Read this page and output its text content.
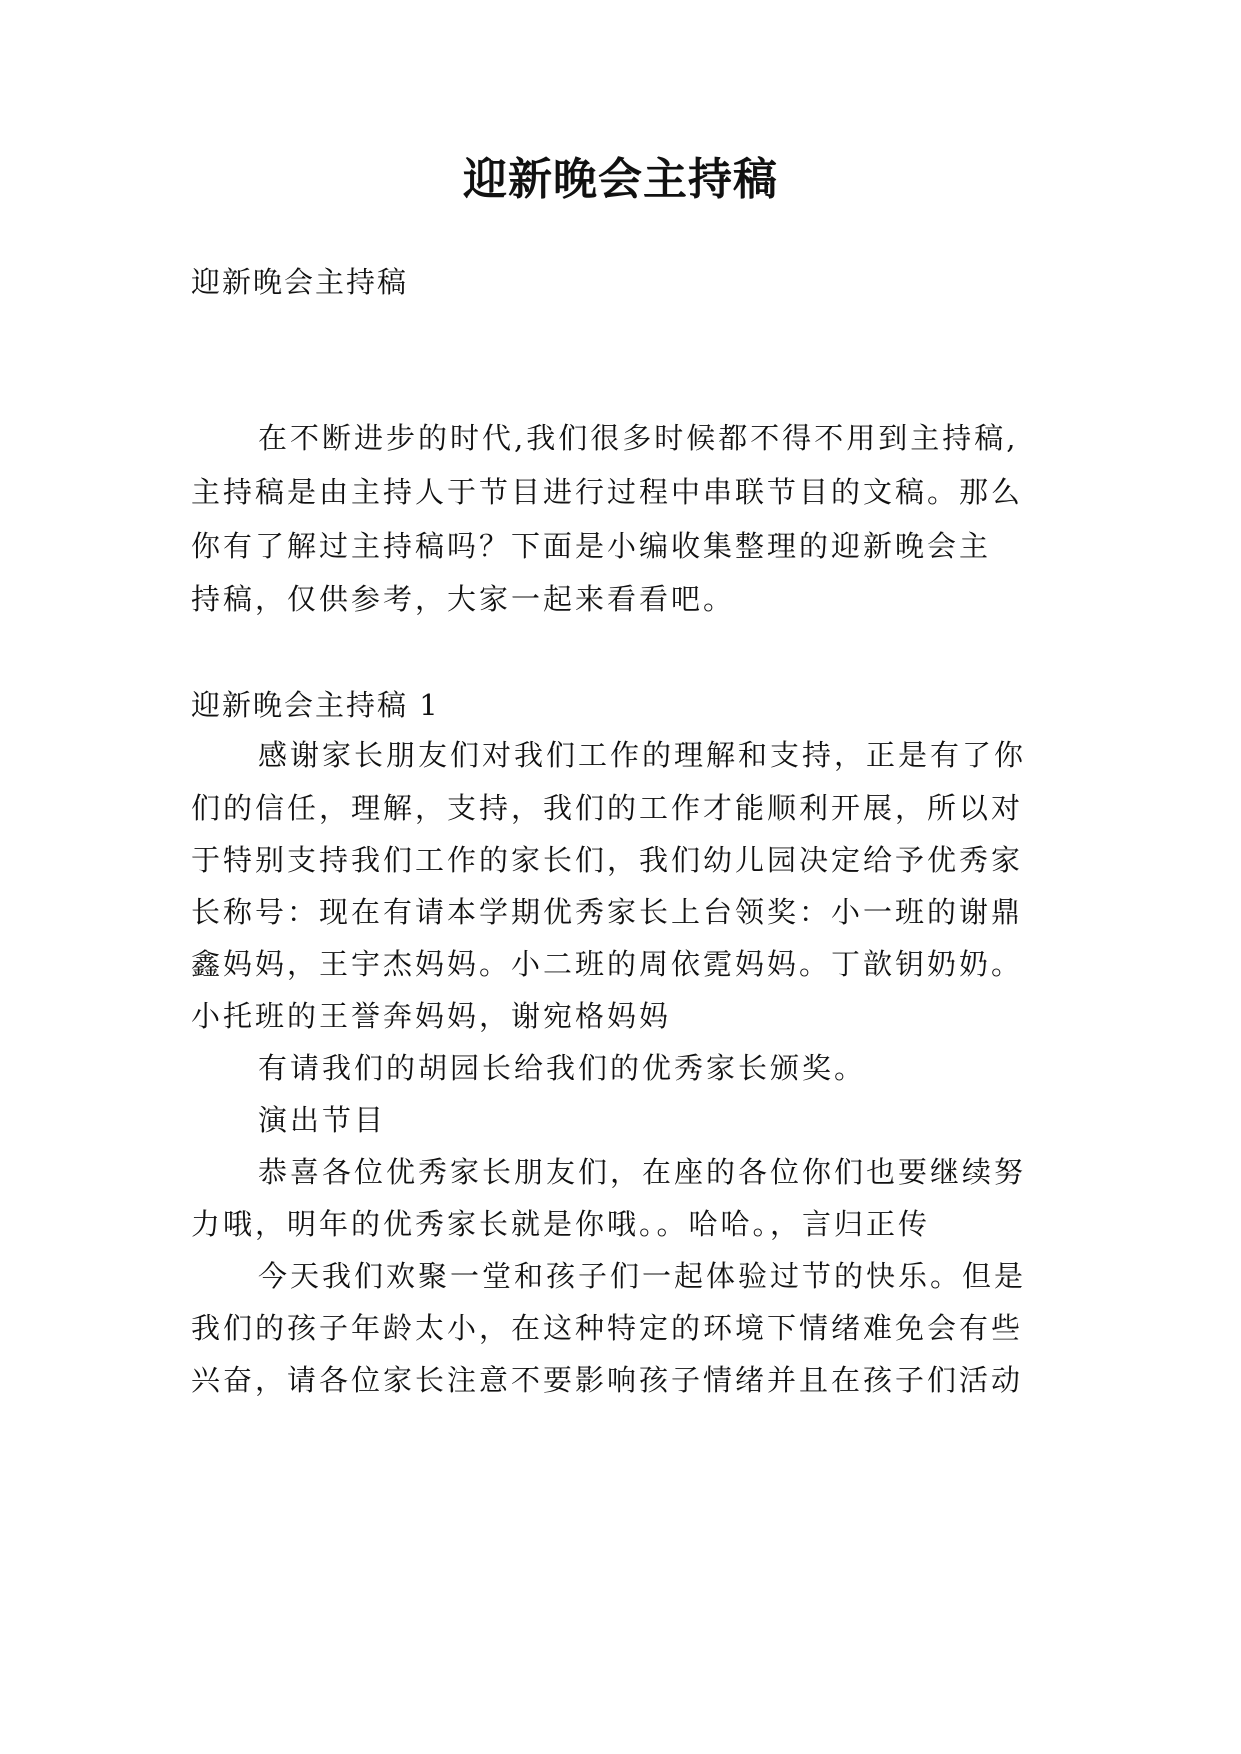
迎新晚会主持稿
迎新晚会主持稿
在不断进步的时代,我们很多时候都不得不用到主持稿,
主持稿是由主持人于节目进行过程中串联节目的文稿。那么
你有了解过主持稿吗？下面是小编收集整理的迎新晚会主
持稿，仅供参考，大家一起来看看吧。
迎新晚会主持稿 1
感谢家长朋友们对我们工作的理解和支持，正是有了你
们的信任，理解，支持，我们的工作才能顺利开展，所以对
于特别支持我们工作的家长们，我们幼儿园决定给予优秀家
长称号：现在有请本学期优秀家长上台领奖：小一班的谢鼎
鑫妈妈，王宇杰妈妈。小二班的周依霓妈妈。丁歆钥奶奶。
小托班的王誉奔妈妈，谢宛格妈妈
有请我们的胡园长给我们的优秀家长颁奖。
演出节目
恭喜各位优秀家长朋友们，在座的各位你们也要继续努
力哦，明年的优秀家长就是你哦。。哈哈。，言归正传
今天我们欢聚一堂和孩子们一起体验过节的快乐。但是
我们的孩子年龄太小，在这种特定的环境下情绪难免会有些
兴奋，请各位家长注意不要影响孩子情绪并且在孩子们活动
